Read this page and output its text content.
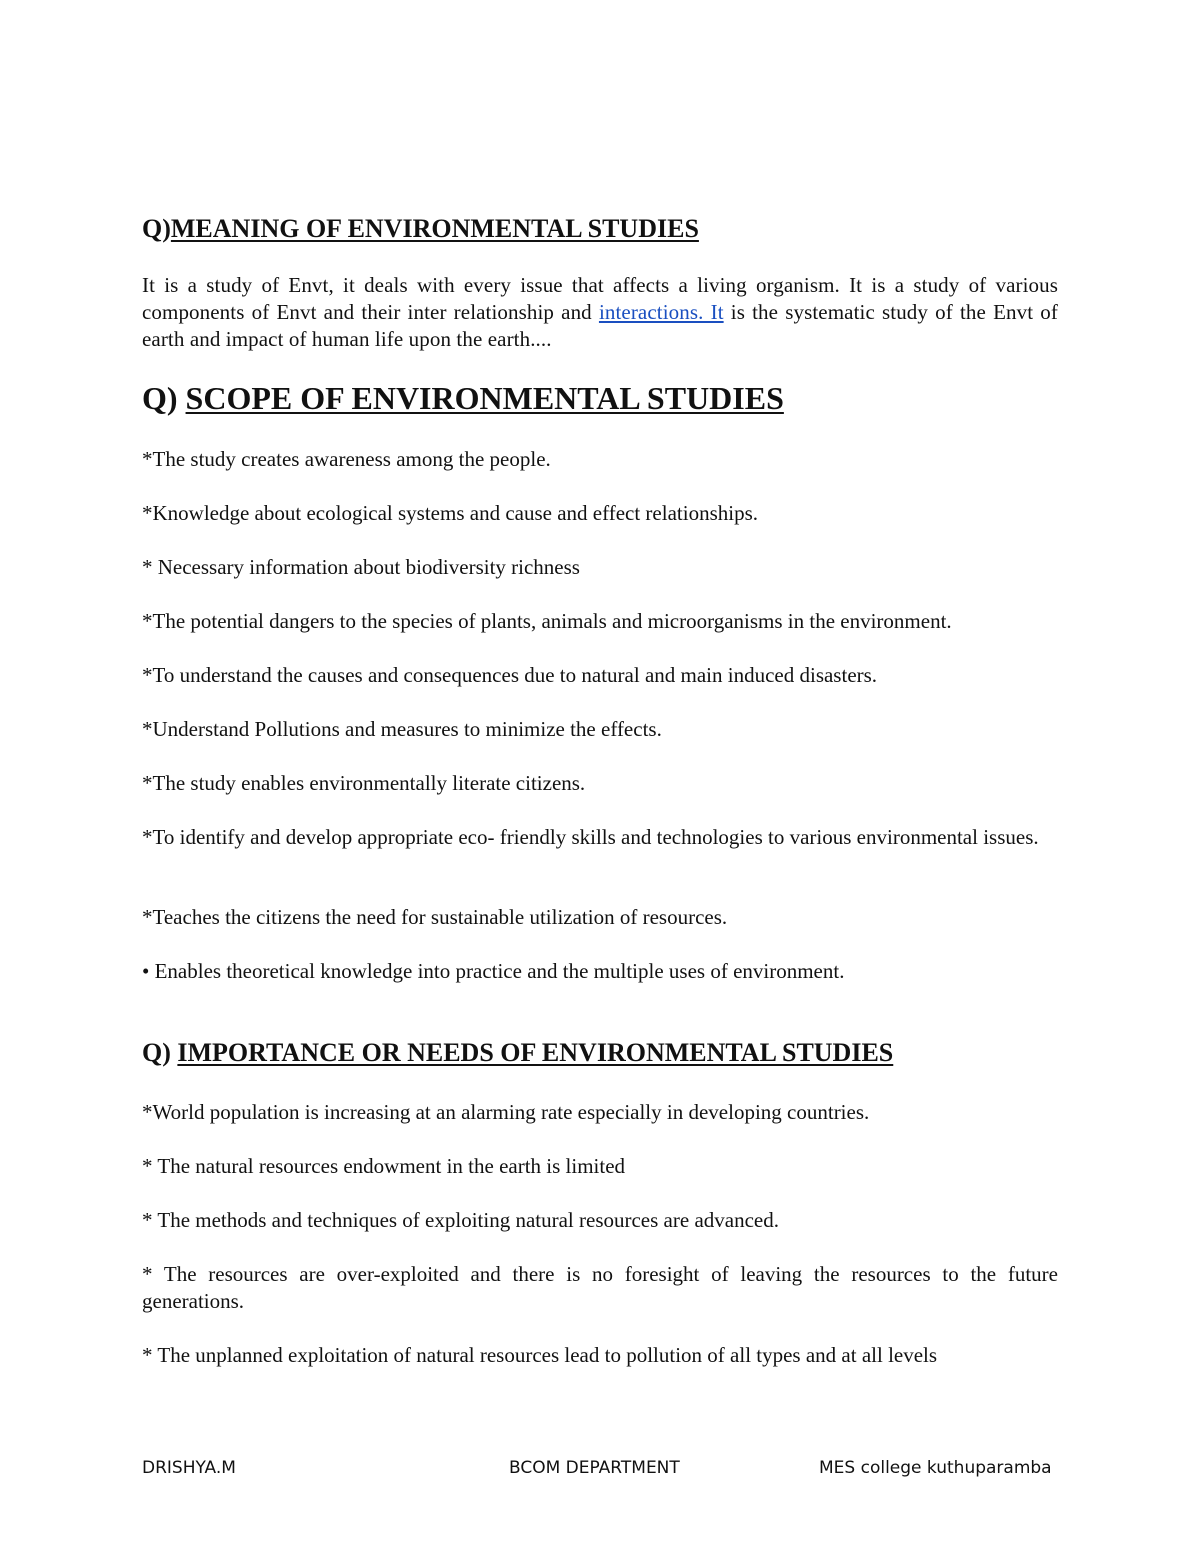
Q)MEANING OF ENVIRONMENTAL STUDIES

It is a study of Envt, it deals with every issue that affects a living organism. It is a study of various components of Envt and their inter relationship and interactions. It is the systematic study of the Envt of earth and impact of human life upon the earth....

Q) SCOPE OF ENVIRONMENTAL STUDIES

*The study creates awareness among the people.

*Knowledge about ecological systems and cause and effect relationships.

* Necessary information about biodiversity richness

*The potential dangers to the species of plants, animals and microorganisms in the environment.

*To understand the causes and consequences due to natural and main induced disasters.

*Understand Pollutions and measures to minimize the effects.

*The study enables environmentally literate citizens.

*To identify and develop appropriate eco- friendly skills and technologies to various environmental issues.

*Teaches the citizens the need for sustainable utilization of resources.

• Enables theoretical knowledge into practice and the multiple uses of environment.

Q) IMPORTANCE OR NEEDS OF ENVIRONMENTAL STUDIES

*World population is increasing at an alarming rate especially in developing countries.

* The natural resources endowment in the earth is limited

* The methods and techniques of exploiting natural resources are advanced.

* The resources are over-exploited and there is no foresight of leaving the resources to the future generations.

* The unplanned exploitation of natural resources lead to pollution of all types and at all levels

DRISHYA.M	BCOM DEPARTMENT	MES college kuthuparamba
